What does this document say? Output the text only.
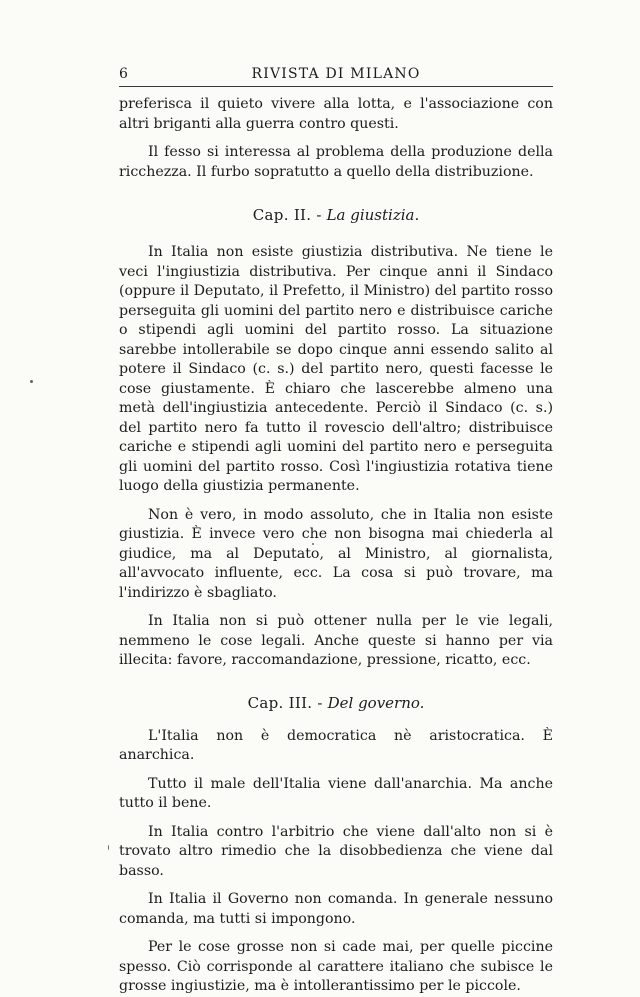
6	RIVISTA DI MILANO

preferisca il quieto vivere alla lotta, e l'associazione con altri briganti alla guerra contro questi.

Il fesso si interessa al problema della produzione della ricchezza. Il furbo sopratutto a quello della distribuzione.

Cap. II. - La giustizia.

In Italia non esiste giustizia distributiva. Ne tiene le veci l'ingiustizia distributiva. Per cinque anni il Sindaco (oppure il Deputato, il Prefetto, il Ministro) del partito rosso perseguita gli uomini del partito nero e distribuisce cariche o stipendi agli uomini del partito rosso. La situazione sarebbe intollerabile se dopo cinque anni essendo salito al potere il Sindaco (c. s.) del partito nero, questi facesse le cose giustamente. È chiaro che lascerebbe almeno una metà dell'ingiustizia antecedente. Perciò il Sindaco (c. s.) del partito nero fa tutto il rovescio dell'altro; distribuisce cariche e stipendi agli uomini del partito nero e perseguita gli uomini del partito rosso. Così l'ingiustizia rotativa tiene luogo della giustizia permanente.

Non è vero, in modo assoluto, che in Italia non esiste giustizia. È invece vero che non bisogna mai chiederla al giudice, ma al Deputato, al Ministro, al giornalista, all'avvocato influente, ecc. La cosa si può trovare, ma l'indirizzo è sbagliato.

In Italia non si può ottener nulla per le vie legali, nemmeno le cose legali. Anche queste si hanno per via illecita: favore, raccomandazione, pressione, ricatto, ecc.

Cap. III. - Del governo.

L'Italia non è democratica nè aristocratica. È anarchica.

Tutto il male dell'Italia viene dall'anarchia. Ma anche tutto il bene.

In Italia contro l'arbitrio che viene dall'alto non si è trovato altro rimedio che la disobbedienza che viene dal basso.

In Italia il Governo non comanda. In generale nessuno comanda, ma tutti si impongono.

Per le cose grosse non si cade mai, per quelle piccine spesso. Ciò corrisponde al carattere italiano che subisce le grosse ingiustizie, ma è intollerantissimo per le piccole.
